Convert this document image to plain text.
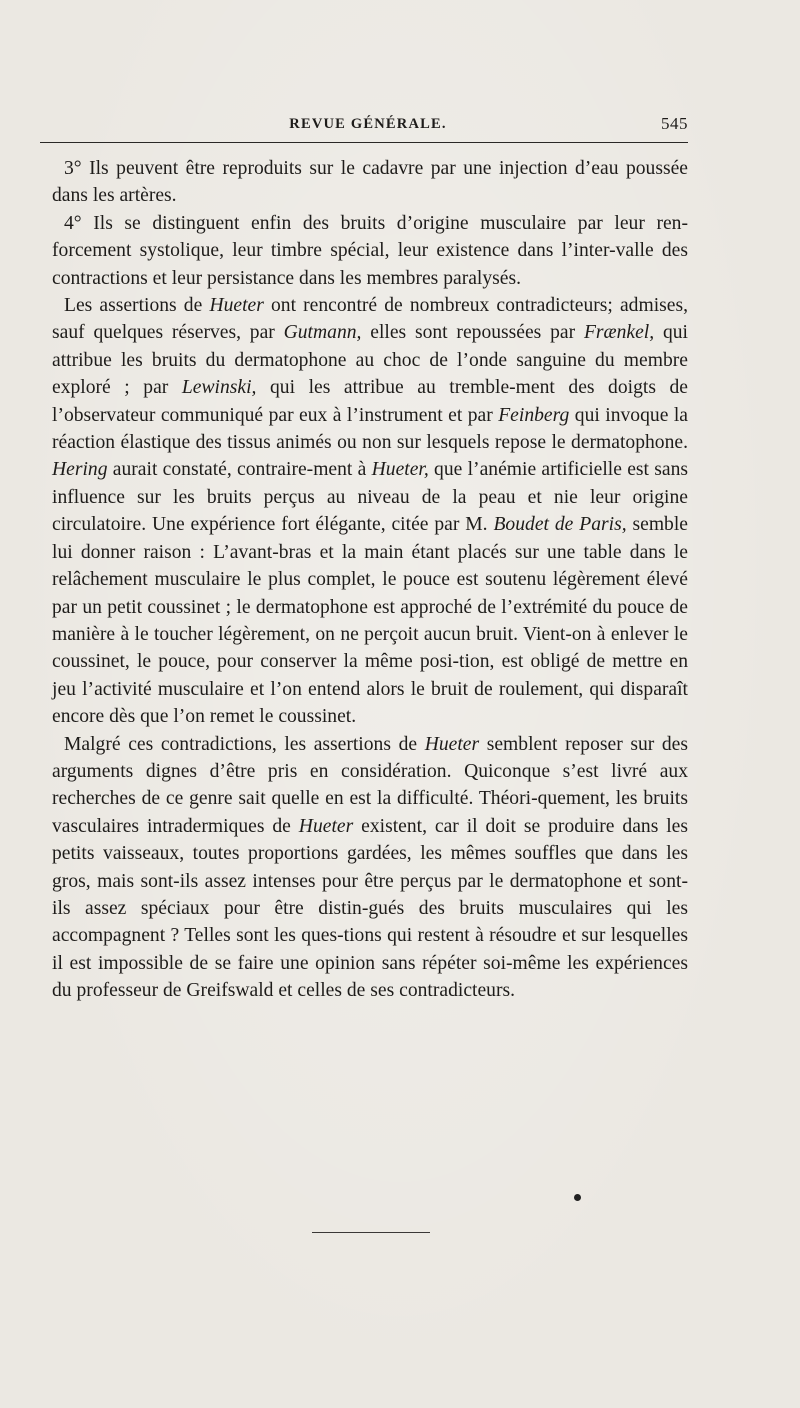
REVUE GÉNÉRALE.	545

3° Ils peuvent être reproduits sur le cadavre par une injection d’eau poussée dans les artères.

4° Ils se distinguent enfin des bruits d’origine musculaire par leur ren-forcement systolique, leur timbre spécial, leur existence dans l’inter-valle des contractions et leur persistance dans les membres paralysés.

Les assertions de Hueter ont rencontré de nombreux contradicteurs; admises, sauf quelques réserves, par Gutmann, elles sont repoussées par Frænkel, qui attribue les bruits du dermatophone au choc de l’onde sanguine du membre exploré ; par Lewinski, qui les attribue au tremble-ment des doigts de l’observateur communiqué par eux à l’instrument et par Feinberg qui invoque la réaction élastique des tissus animés ou non sur lesquels repose le dermatophone. Hering aurait constaté, contraire-ment à Hueter, que l’anémie artificielle est sans influence sur les bruits perçus au niveau de la peau et nie leur origine circulatoire. Une expérience fort élégante, citée par M. Boudet de Paris, semble lui donner raison : L’avant-bras et la main étant placés sur une table dans le relâchement musculaire le plus complet, le pouce est soutenu légèrement élevé par un petit coussinet ; le dermatophone est approché de l’extrémité du pouce de manière à le toucher légèrement, on ne perçoit aucun bruit. Vient-on à enlever le coussinet, le pouce, pour conserver la même posi-tion, est obligé de mettre en jeu l’activité musculaire et l’on entend alors le bruit de roulement, qui disparaît encore dès que l’on remet le coussinet.

Malgré ces contradictions, les assertions de Hueter semblent reposer sur des arguments dignes d’être pris en considération. Quiconque s’est livré aux recherches de ce genre sait quelle en est la difficulté. Théori-quement, les bruits vasculaires intradermiques de Hueter existent, car il doit se produire dans les petits vaisseaux, toutes proportions gardées, les mêmes souffles que dans les gros, mais sont-ils assez intenses pour être perçus par le dermatophone et sont-ils assez spéciaux pour être distin-gués des bruits musculaires qui les accompagnent ? Telles sont les ques-tions qui restent à résoudre et sur lesquelles il est impossible de se faire une opinion sans répéter soi-même les expériences du professeur de Greifswald et celles de ses contradicteurs.
